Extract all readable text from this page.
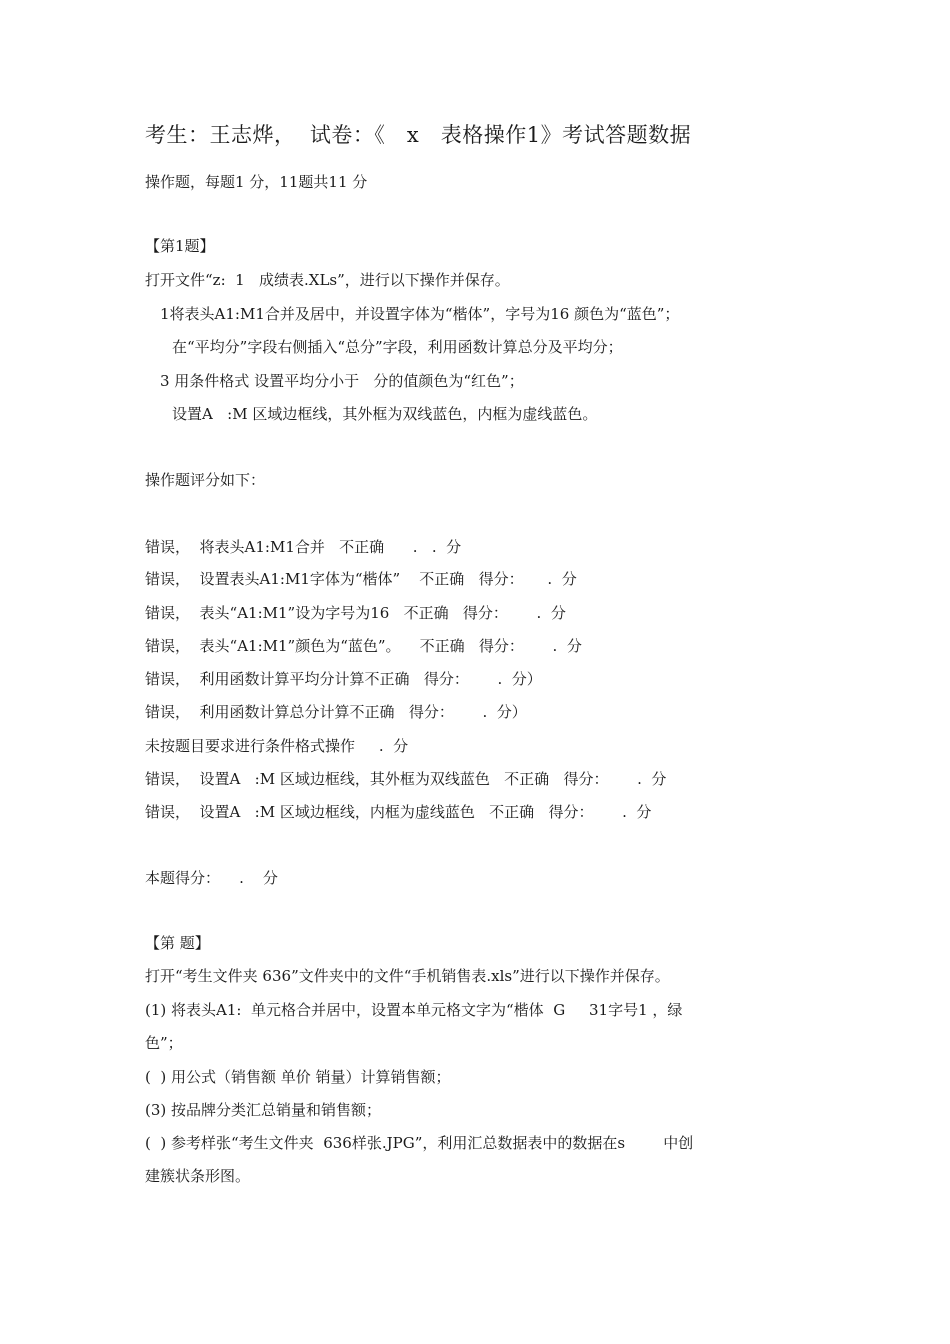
考生：王志烨，  试卷：《   x   表格操作1》考试答题数据
操作题，每题1 分，11题共11 分
【第1题】
打开文件“z:  1   成绩表.XLs”，进行以下操作并保存。
1将表头A1:M1合并及居中，并设置字体为“楷体”，字号为16 颜色为“蓝色”；
在“平均分”字段右侧插入“总分”字段，利用函数计算总分及平均分；
3 用条件格式 设置平均分小于   分的值颜色为“红色”；
设置A   :M 区域边框线，其外框为双线蓝色，内框为虚线蓝色。
操作题评分如下：
错误，  将表头A1:M1合并   不正确      .   .  分
错误，  设置表头A1:M1字体为“楷体”    不正确   得分：     .  分
错误，  表头“A1:M1”设为字号为16   不正确   得分：      .  分
错误，  表头“A1:M1”颜色为“蓝色”。    不正确   得分：      .  分
错误，  利用函数计算平均分计算不正确   得分：      .  分）
错误，  利用函数计算总分计算不正确   得分：      .  分）
未按题目要求进行条件格式操作     .  分
错误，  设置A   :M 区域边框线，其外框为双线蓝色   不正确   得分：      .  分
错误，  设置A   :M 区域边框线，内框为虚线蓝色   不正确   得分：      .  分
本题得分：    .    分
【第 题】
打开“考生文件夹 636”文件夹中的文件“手机销售表.xls”进行以下操作并保存。
(1) 将表头A1:  单元格合并居中，设置本单元格文字为“楷体  G     31字号1 ，绿
色”；
(  ) 用公式（销售额 单价 销量）计算销售额；
(3) 按品牌分类汇总销量和销售额；
(  ) 参考样张“考生文件夹  636样张.JPG”，利用汇总数据表中的数据在s        中创
建簇状条形图。
